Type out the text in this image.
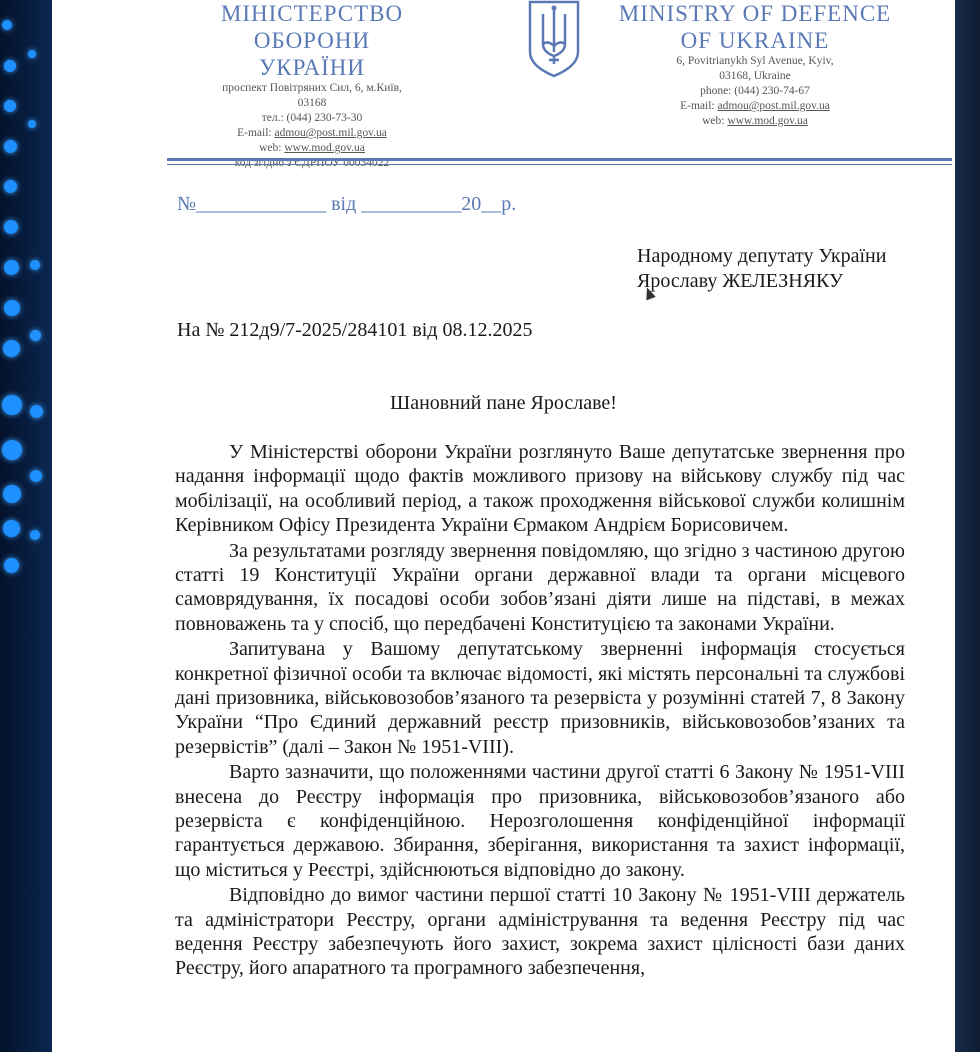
МІНІСТЕРСТВО ОБОРОНИ
УКРАЇНИ
проспект Повітряних Сил, 6, м.Київ,
03168
тел.: (044) 230-73-30
E-mail: admou@post.mil.gov.ua
web: www.mod.gov.ua
код згідно з ЄДРПОУ 00034022
MINISTRY OF DEFENCE
OF UKRAINE
6, Povitrianykh Syl Avenue, Kyiv,
03168, Ukraine
phone: (044) 230-74-67
E-mail: admou@post.mil.gov.ua
web: www.mod.gov.ua
№_____________ від __________20__р.
Народному депутату України
Ярославу ЖЕЛЕЗНЯКУ
На № 212д9/7-2025/284101 від 08.12.2025
Шановний пане Ярославе!

У Міністерстві оборони України розглянуто Ваше депутатське звернення про надання інформації щодо фактів можливого призову на військову службу під час мобілізації, на особливий період, а також проходження військової служби колишнім Керівником Офісу Президента України Єрмаком Андрієм Борисовичем.

За результатами розгляду звернення повідомляю, що згідно з частиною другою статті 19 Конституції України органи державної влади та органи місцевого самоврядування, їх посадові особи зобов’язані діяти лише на підставі, в межах повноважень та у спосіб, що передбачені Конституцією та законами України.

Запитувана у Вашому депутатському зверненні інформація стосується конкретної фізичної особи та включає відомості, які містять персональні та службові дані призовника, військовозобов’язаного та резервіста у розумінні статей 7, 8 Закону України “Про Єдиний державний реєстр призовників, військовозобов’язаних та резервістів” (далі – Закон № 1951-VIII).

Варто зазначити, що положеннями частини другої статті 6 Закону № 1951-VIII внесена до Реєстру інформація про призовника, військовозобов’язаного або резервіста є конфіденційною. Нерозголошення конфіденційної інформації гарантується державою. Збирання, зберігання, використання та захист інформації, що міститься у Реєстрі, здійснюються відповідно до закону.

Відповідно до вимог частини першої статті 10 Закону № 1951-VIII держатель та адміністратори Реєстру, органи адміністрування та ведення Реєстру під час ведення Реєстру забезпечують його захист, зокрема захист цілісності бази даних Реєстру, його апаратного та програмного забезпечення,
